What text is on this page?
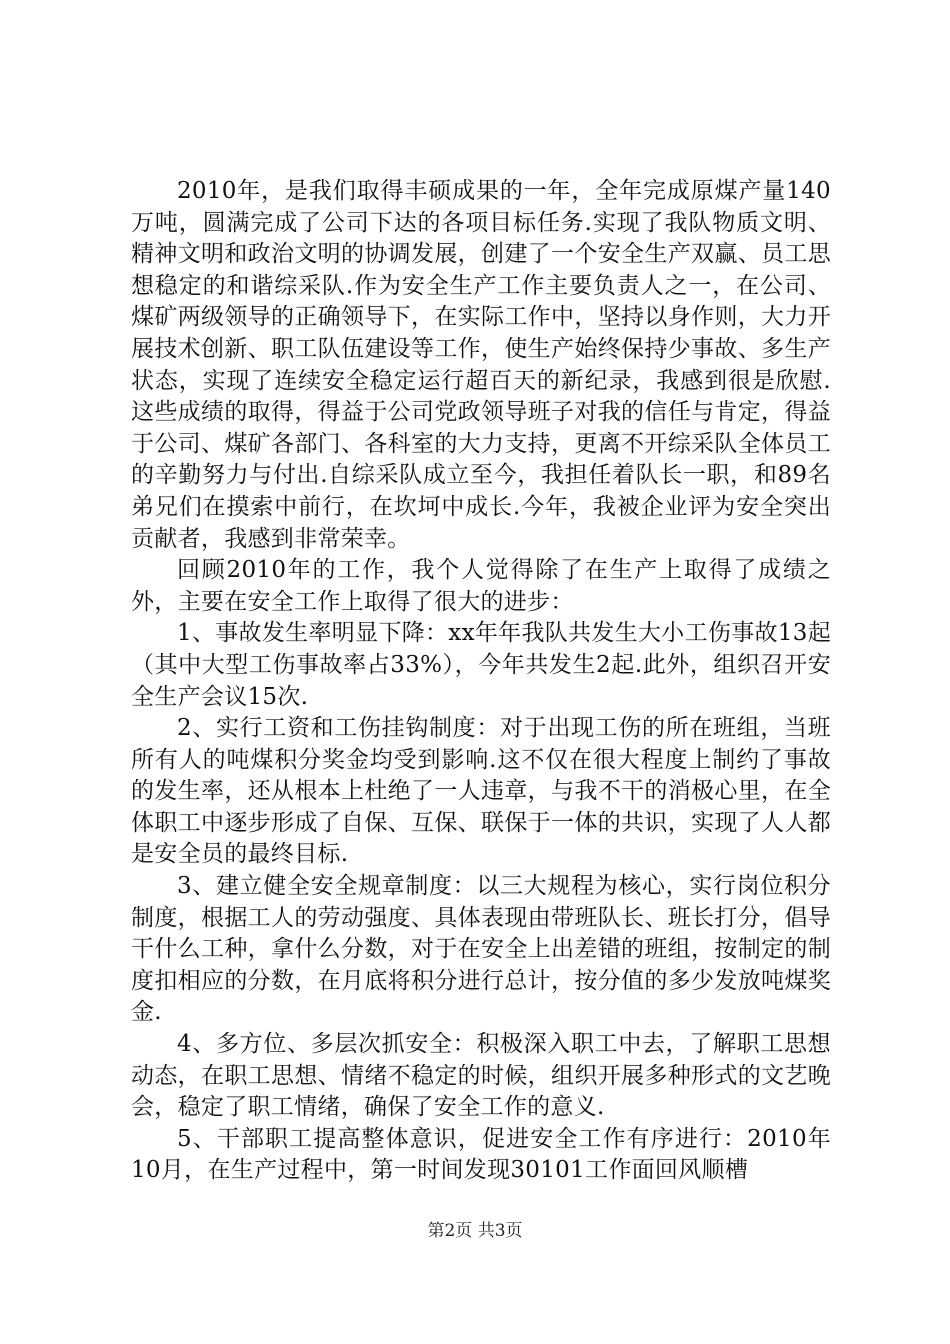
2010年，是我们取得丰硕成果的一年，全年完成原煤产量140万吨，圆满完成了公司下达的各项目标任务.实现了我队物质文明、精神文明和政治文明的协调发展，创建了一个安全生产双赢、员工思想稳定的和谐综采队.作为安全生产工作主要负责人之一，在公司、煤矿两级领导的正确领导下，在实际工作中，坚持以身作则，大力开展技术创新、职工队伍建设等工作，使生产始终保持少事故、多生产状态，实现了连续安全稳定运行超百天的新纪录，我感到很是欣慰.这些成绩的取得，得益于公司党政领导班子对我的信任与肯定，得益于公司、煤矿各部门、各科室的大力支持，更离不开综采队全体员工的辛勤努力与付出.自综采队成立至今，我担任着队长一职，和89名弟兄们在摸索中前行，在坎坷中成长.今年，我被企业评为安全突出贡献者，我感到非常荣幸。

回顾2010年的工作，我个人觉得除了在生产上取得了成绩之外，主要在安全工作上取得了很大的进步：

1、事故发生率明显下降：xx年年我队共发生大小工伤事故13起（其中大型工伤事故率占33%），今年共发生2起.此外，组织召开安全生产会议15次.

2、实行工资和工伤挂钩制度：对于出现工伤的所在班组，当班所有人的吨煤积分奖金均受到影响.这不仅在很大程度上制约了事故的发生率，还从根本上杜绝了一人违章，与我不干的消极心里，在全体职工中逐步形成了自保、互保、联保于一体的共识，实现了人人都是安全员的最终目标.

3、建立健全安全规章制度：以三大规程为核心，实行岗位积分制度，根据工人的劳动强度、具体表现由带班队长、班长打分，倡导干什么工种，拿什么分数，对于在安全上出差错的班组，按制定的制度扣相应的分数，在月底将积分进行总计，按分值的多少发放吨煤奖金.

4、多方位、多层次抓安全：积极深入职工中去，了解职工思想动态，在职工思想、情绪不稳定的时候，组织开展多种形式的文艺晚会，稳定了职工情绪，确保了安全工作的意义.

5、干部职工提高整体意识，促进安全工作有序进行：2010年10月，在生产过程中，第一时间发现30101工作面回风顺槽

第2页 共3页
